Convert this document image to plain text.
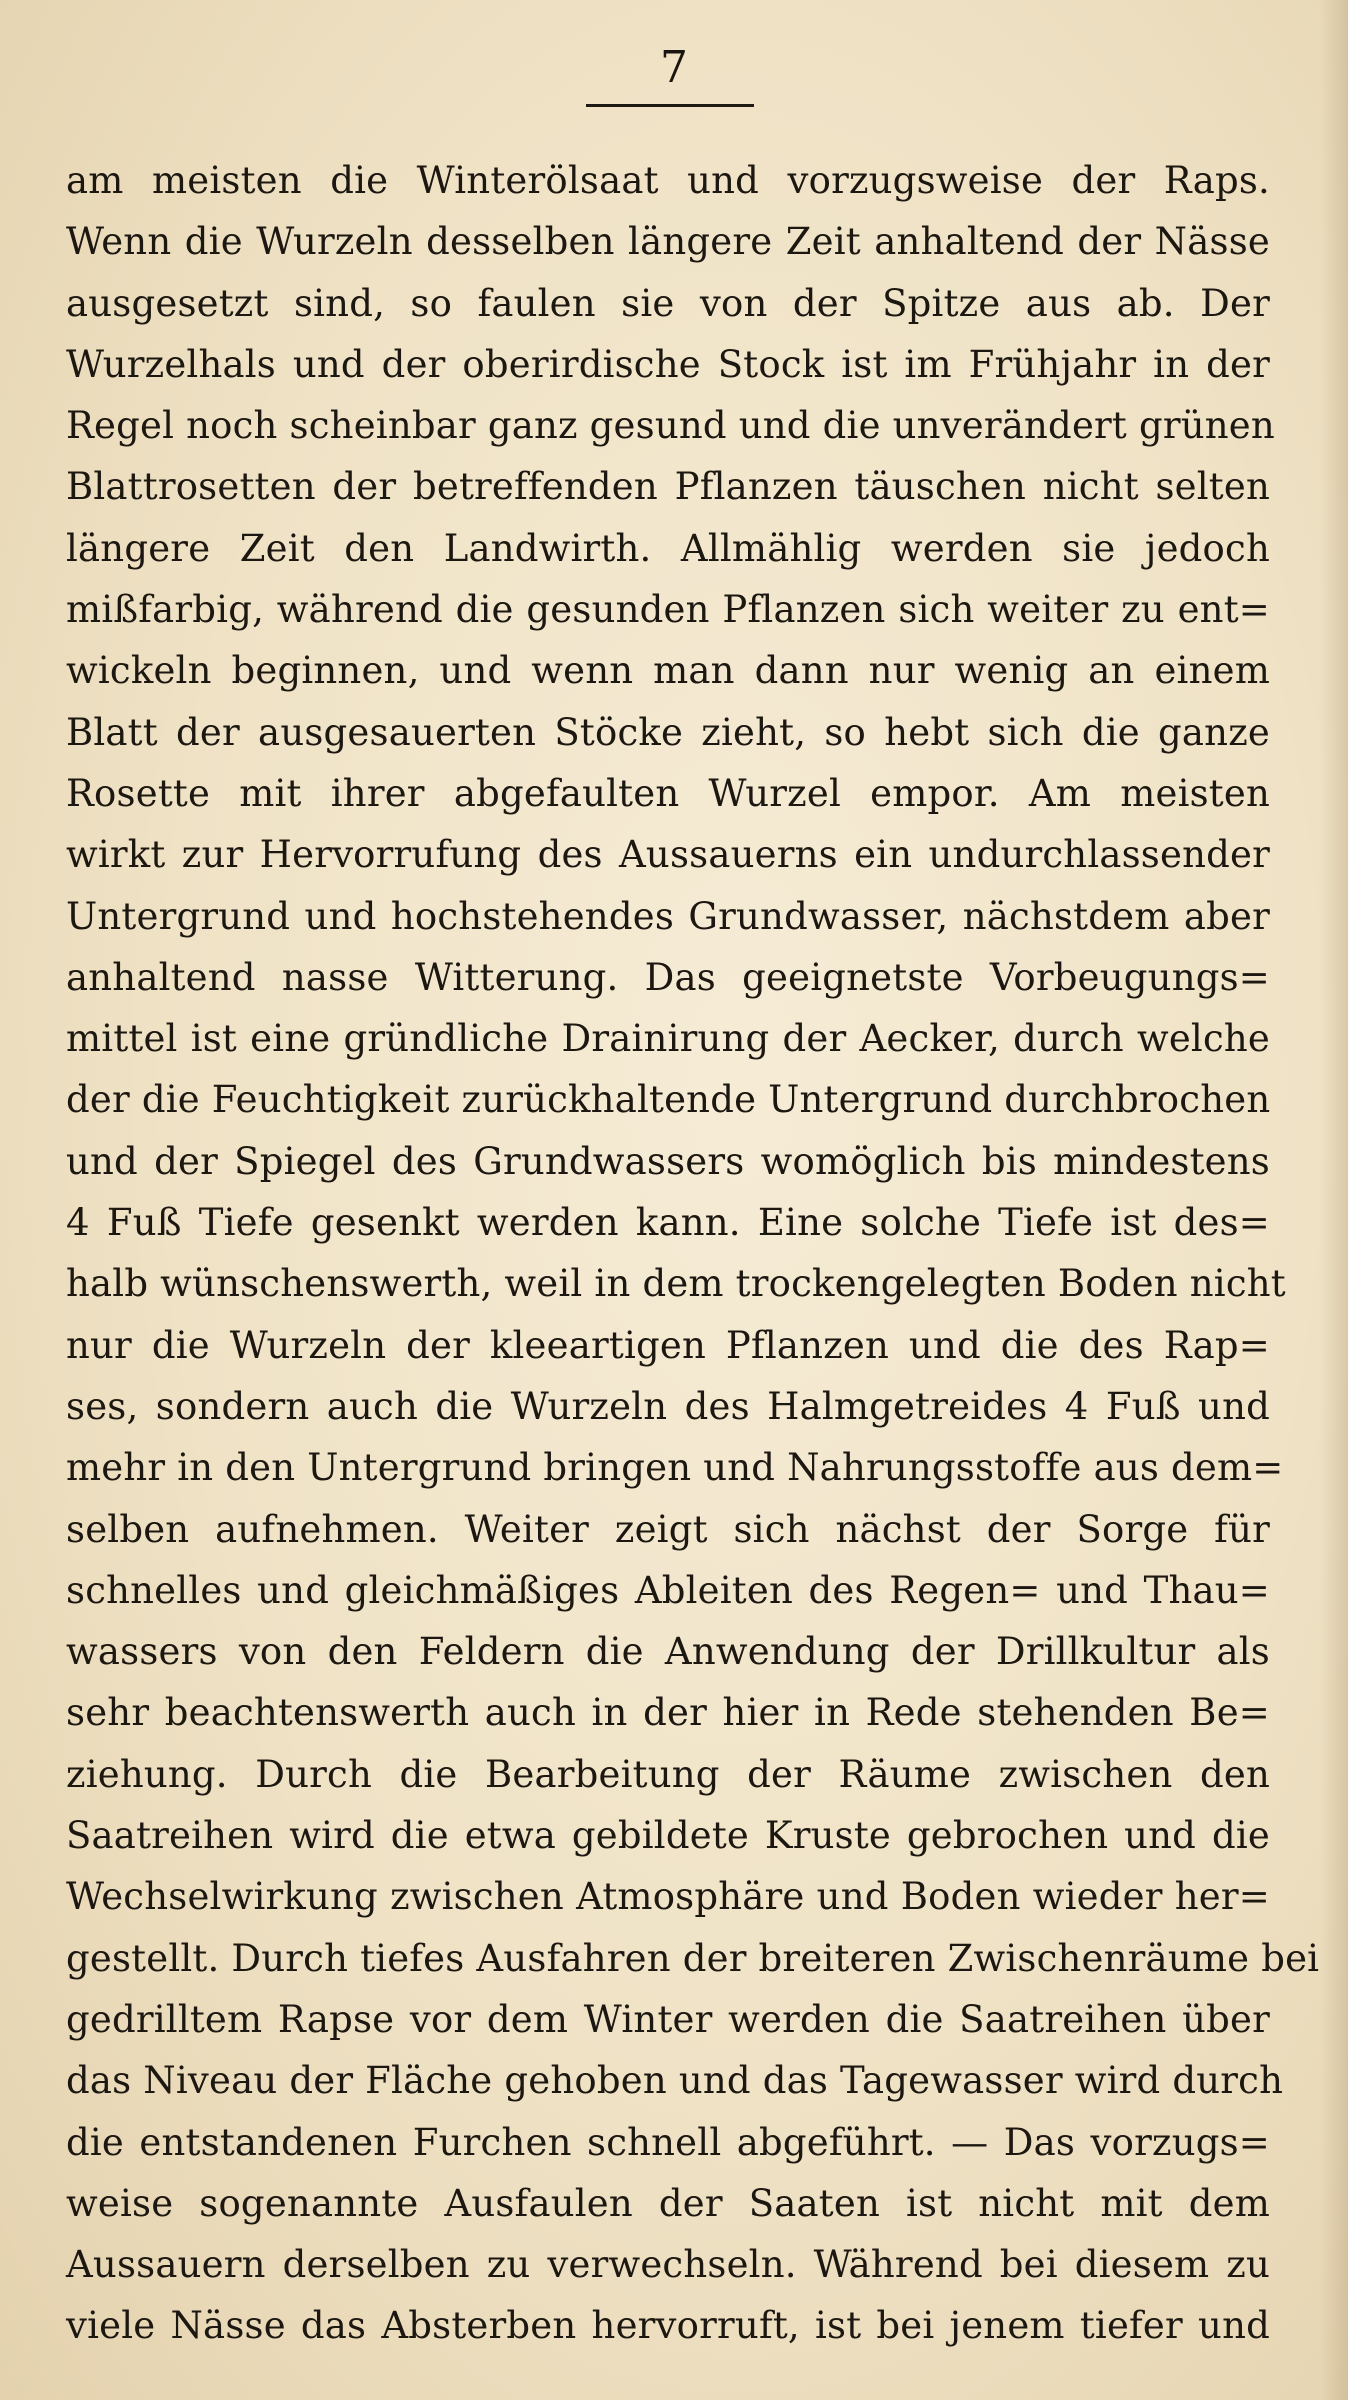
7
am meisten die Winterölsaat und vorzugsweise der Raps.
Wenn die Wurzeln desselben längere Zeit anhaltend der Nässe
ausgesetzt sind, so faulen sie von der Spitze aus ab. Der
Wurzelhals und der oberirdische Stock ist im Frühjahr in der
Regel noch scheinbar ganz gesund und die unverändert grünen
Blattrosetten der betreffenden Pflanzen täuschen nicht selten
längere Zeit den Landwirth. Allmählig werden sie jedoch
mißfarbig, während die gesunden Pflanzen sich weiter zu ent=
wickeln beginnen, und wenn man dann nur wenig an einem
Blatt der ausgesauerten Stöcke zieht, so hebt sich die ganze
Rosette mit ihrer abgefaulten Wurzel empor. Am meisten
wirkt zur Hervorrufung des Aussauerns ein undurchlassender
Untergrund und hochstehendes Grundwasser, nächstdem aber
anhaltend nasse Witterung. Das geeignetste Vorbeugungs=
mittel ist eine gründliche Drainirung der Aecker, durch welche
der die Feuchtigkeit zurückhaltende Untergrund durchbrochen
und der Spiegel des Grundwassers womöglich bis mindestens
4 Fuß Tiefe gesenkt werden kann. Eine solche Tiefe ist des=
halb wünschenswerth, weil in dem trockengelegten Boden nicht
nur die Wurzeln der kleeartigen Pflanzen und die des Rap=
ses, sondern auch die Wurzeln des Halmgetreides 4 Fuß und
mehr in den Untergrund bringen und Nahrungsstoffe aus dem=
selben aufnehmen. Weiter zeigt sich nächst der Sorge für
schnelles und gleichmäßiges Ableiten des Regen= und Thau=
wassers von den Feldern die Anwendung der Drillkultur als
sehr beachtenswerth auch in der hier in Rede stehenden Be=
ziehung. Durch die Bearbeitung der Räume zwischen den
Saatreihen wird die etwa gebildete Kruste gebrochen und die
Wechselwirkung zwischen Atmosphäre und Boden wieder her=
gestellt. Durch tiefes Ausfahren der breiteren Zwischenräume bei
gedrilltem Rapse vor dem Winter werden die Saatreihen über
das Niveau der Fläche gehoben und das Tagewasser wird durch
die entstandenen Furchen schnell abgeführt. — Das vorzugs=
weise sogenannte Ausfaulen der Saaten ist nicht mit dem
Aussauern derselben zu verwechseln. Während bei diesem zu
viele Nässe das Absterben hervorruft, ist bei jenem tiefer und
